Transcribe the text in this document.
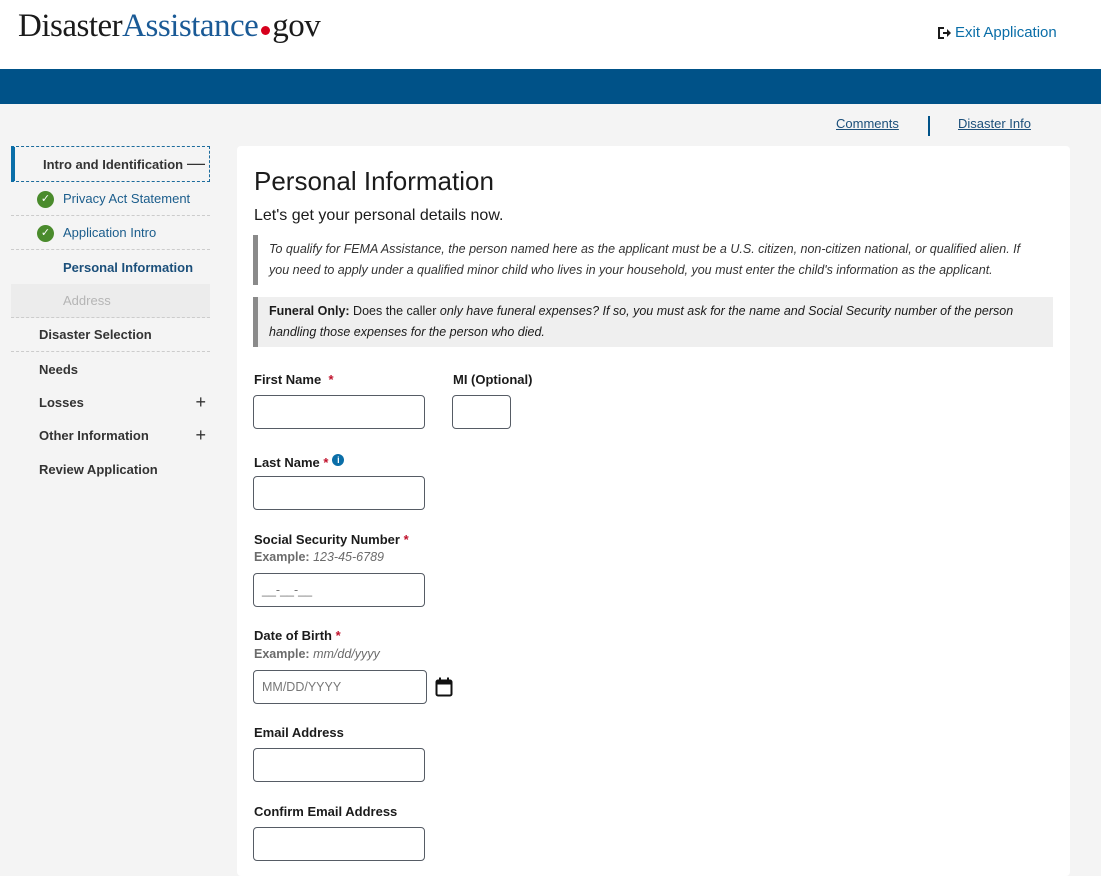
DisasterAssistance gov	Exit Application
Comments	Disaster Info
Intro and Identification —
✓ Privacy Act Statement
✓ Application Intro
Personal Information
Address
Disaster Selection
Needs
Losses	+
Other Information	+
Review Application
Personal Information
Let's get your personal details now.
To qualify for FEMA Assistance, the person named here as the applicant must be a U.S. citizen, non-citizen national, or qualified alien. If you need to apply under a qualified minor child who lives in your household, you must enter the child's information as the applicant.
Funeral Only: Does the caller only have funeral expenses? If so, you must ask for the name and Social Security number of the person handling those expenses for the person who died.
First Name *	MI (Optional)
Last Name * i
Social Security Number *
Example: 123-45-6789
__-__-__
Date of Birth *
Example: mm/dd/yyyy
MM/DD/YYYY
Email Address
Confirm Email Address
